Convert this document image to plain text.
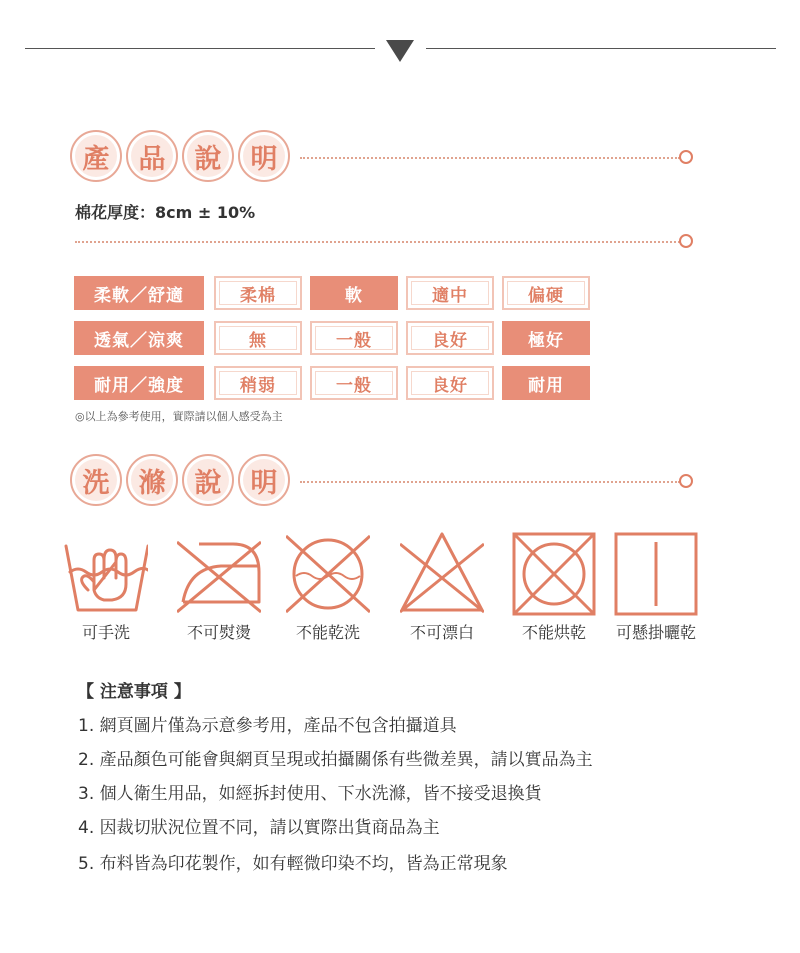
產 品 說 明
棉花厚度：8cm ± 10%
柔軟／舒適	柔棉	軟	適中	偏硬
透氣／涼爽	無	一般	良好	極好
耐用／強度	稍弱	一般	良好	耐用
◎以上為參考使用，實際請以個人感受為主
洗 滌 說 明
可手洗	不可熨燙	不能乾洗	不可漂白	不能烘乾	可懸掛曬乾
【 注意事項 】
1. 網頁圖片僅為示意參考用，產品不包含拍攝道具
2. 產品顏色可能會與網頁呈現或拍攝關係有些微差異，請以實品為主
3. 個人衛生用品，如經拆封使用、下水洗滌，皆不接受退換貨
4. 因裁切狀況位置不同，請以實際出貨商品為主
5. 布料皆為印花製作，如有輕微印染不均，皆為正常現象
